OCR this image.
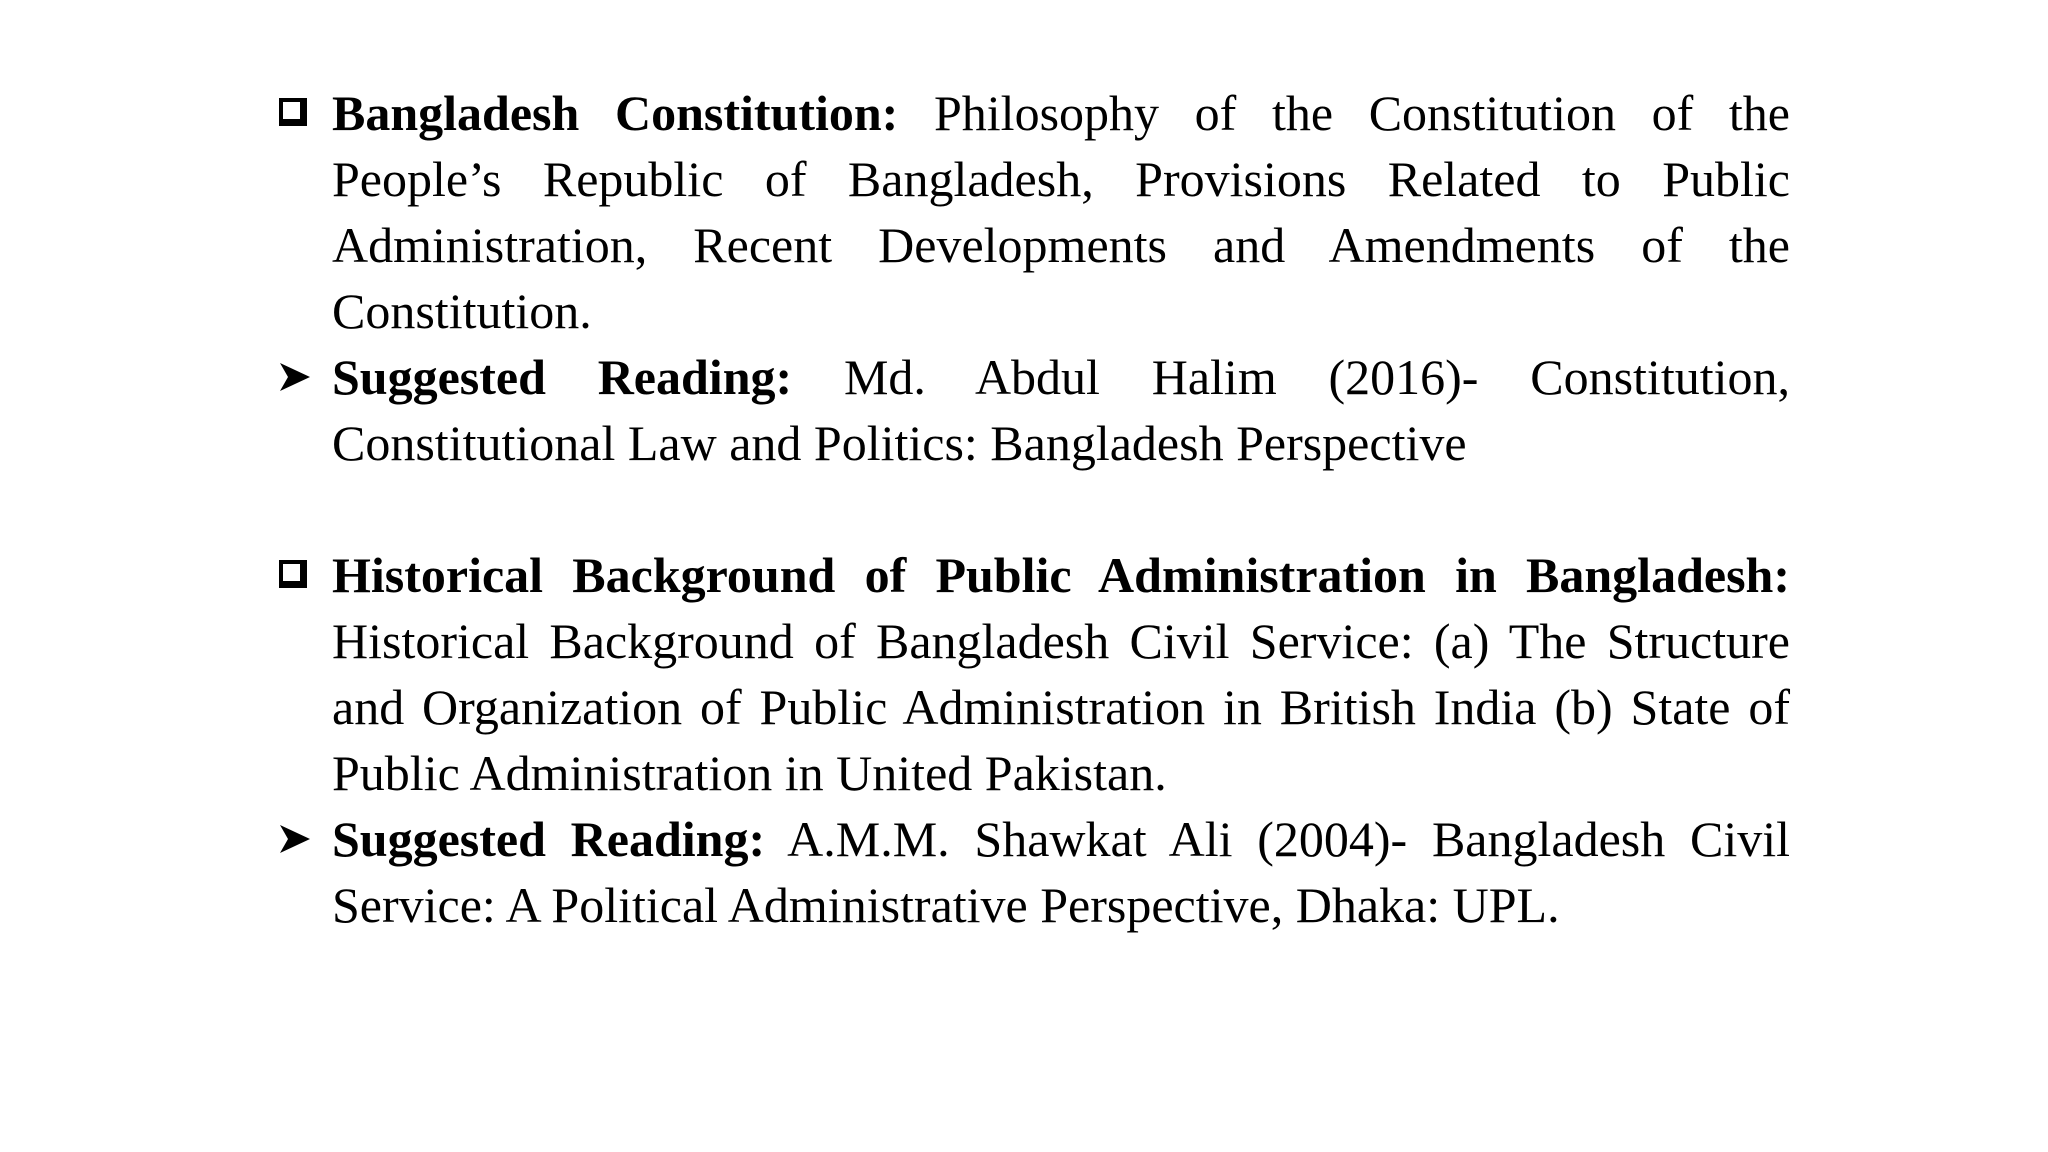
Bangladesh Constitution: Philosophy of the Constitution of the People’s Republic of Bangladesh, Provisions Related to Public Administration, Recent Developments and Amendments of the Constitution.
Suggested Reading: Md. Abdul Halim (2016)- Constitution, Constitutional Law and Politics: Bangladesh Perspective
Historical Background of Public Administration in Bangladesh: Historical Background of Bangladesh Civil Service: (a) The Structure and Organization of Public Administration in British India (b) State of Public Administration in United Pakistan.
Suggested Reading: A.M.M. Shawkat Ali (2004)- Bangladesh Civil Service: A Political Administrative Perspective, Dhaka: UPL.
